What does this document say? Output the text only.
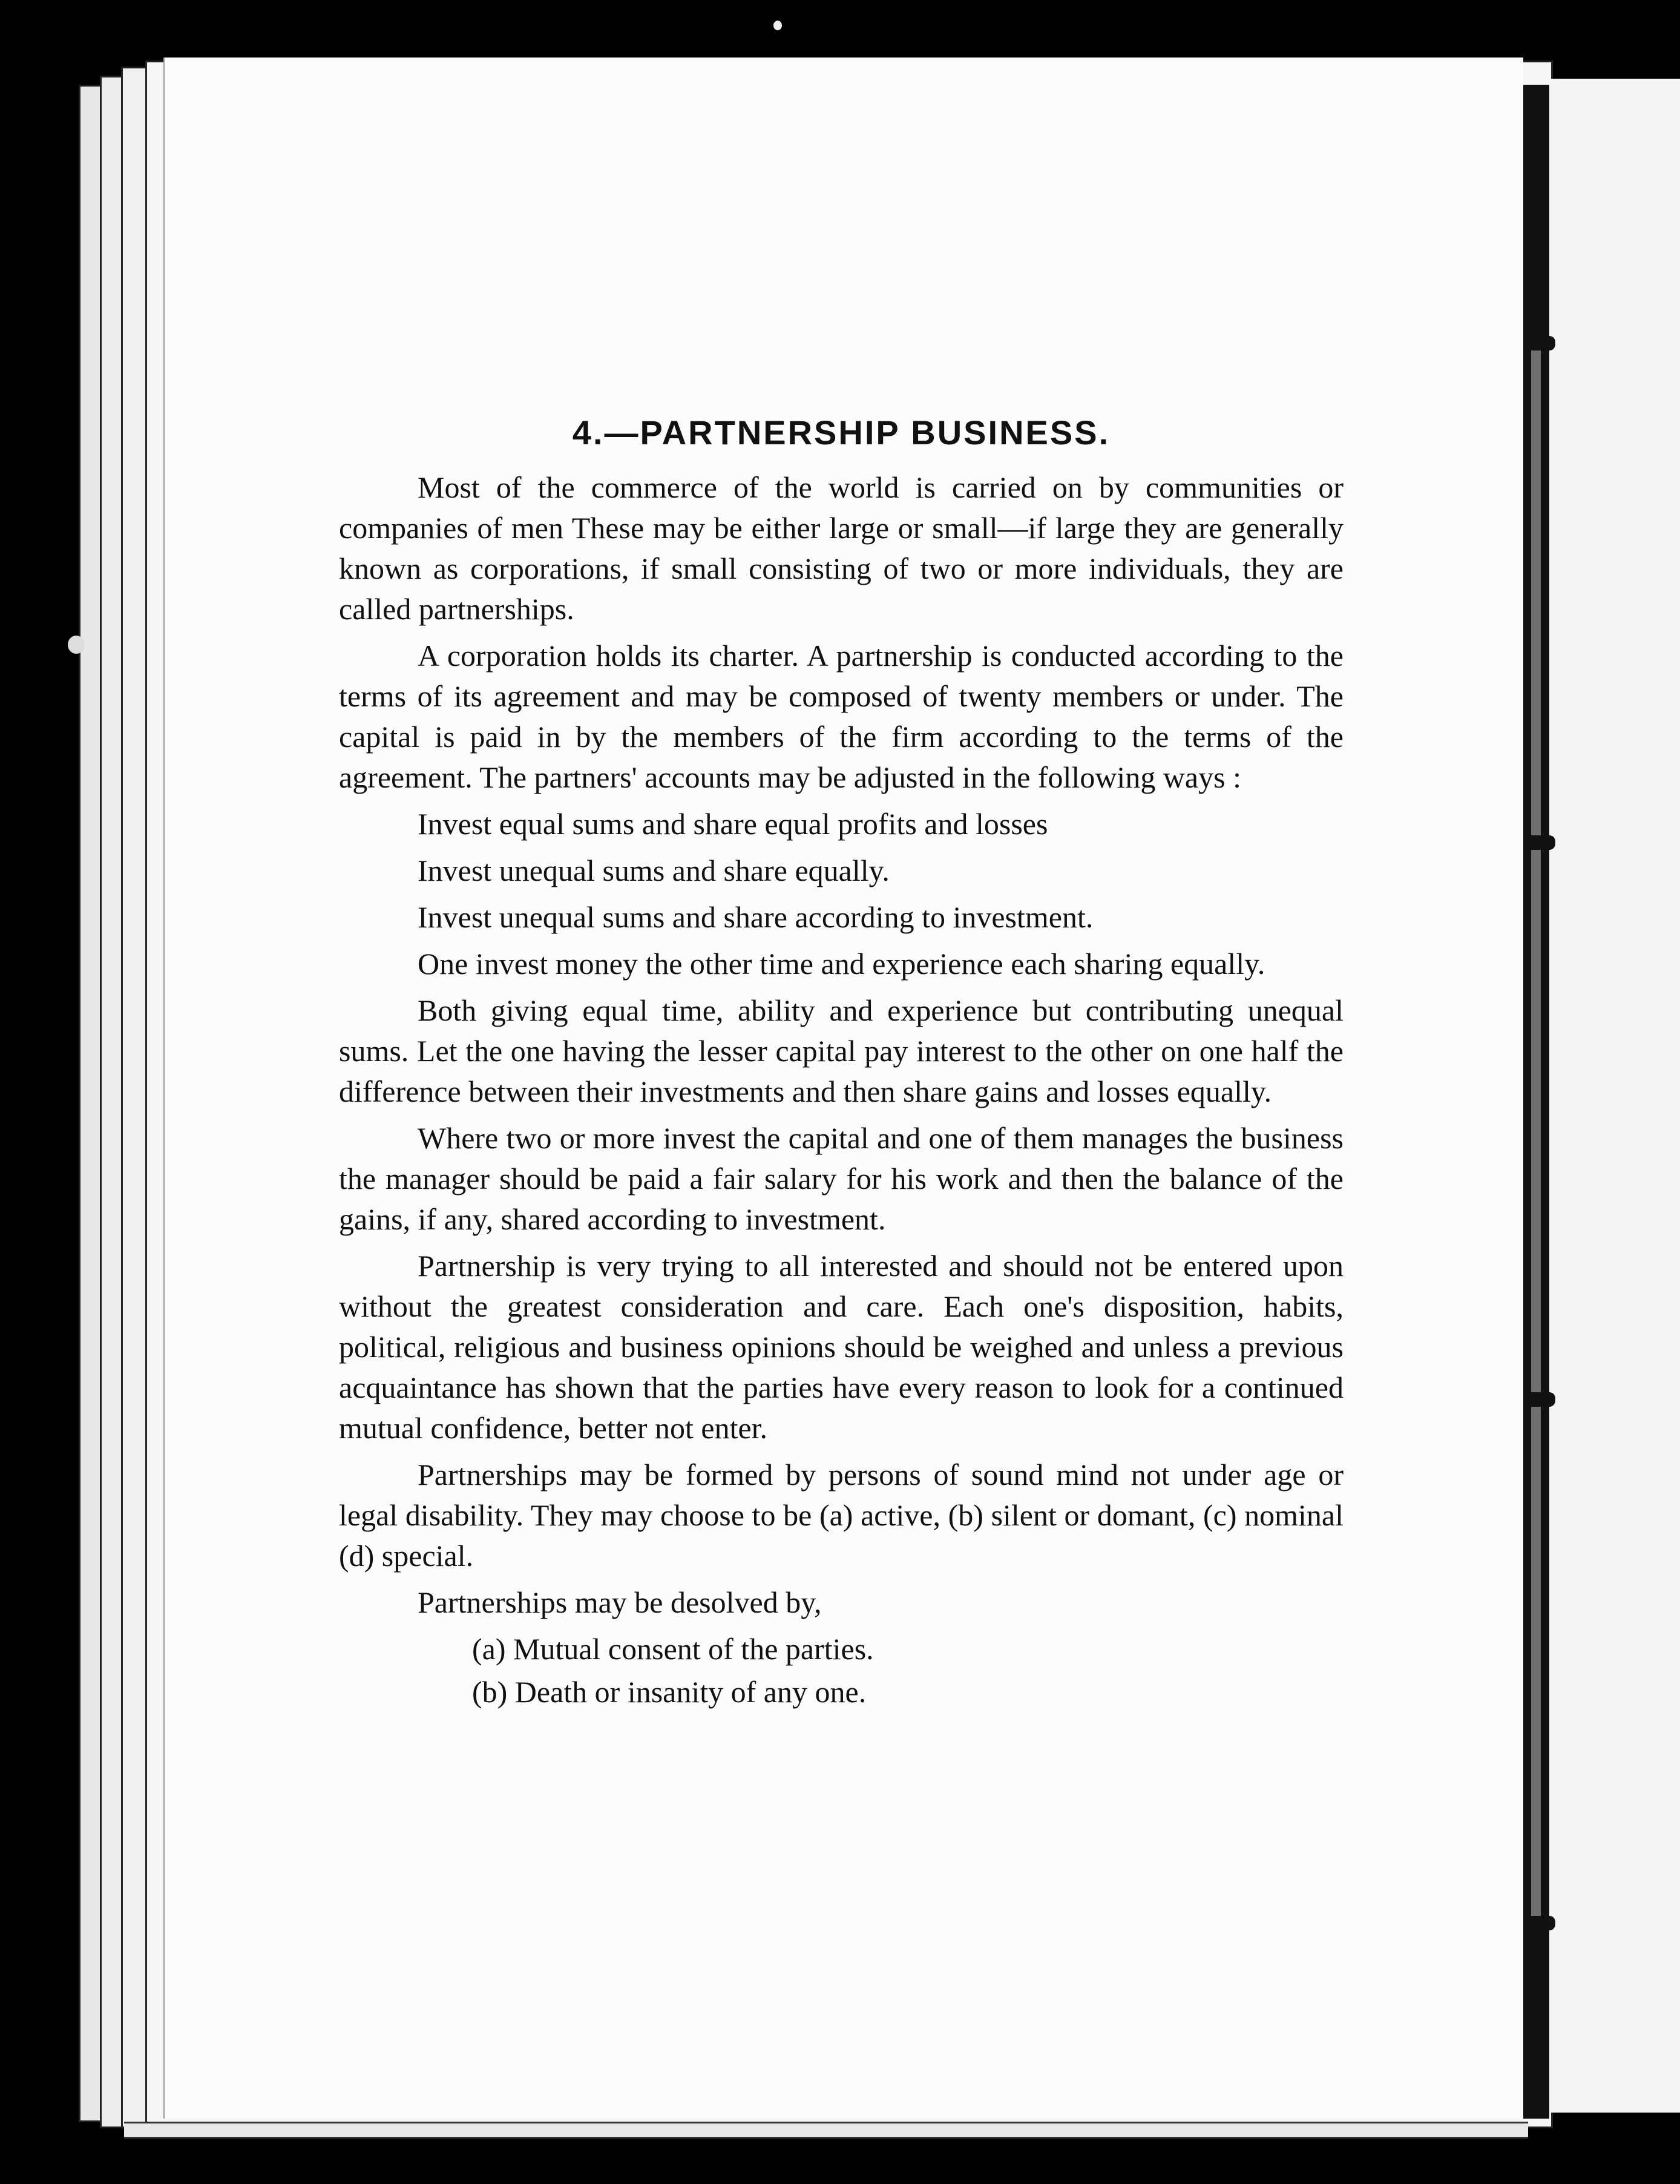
4.—PARTNERSHIP BUSINESS.

Most of the commerce of the world is carried on by communities or companies of men These may be either large or small—if large they are generally known as corporations, if small consisting of two or more individuals, they are called partnerships.

A corporation holds its charter. A partnership is conducted according to the terms of its agreement and may be composed of twenty members or under. The capital is paid in by the members of the firm according to the terms of the agreement. The partners' accounts may be adjusted in the following ways :

Invest equal sums and share equal profits and losses

Invest unequal sums and share equally.

Invest unequal sums and share according to investment.

One invest money the other time and experience each sharing equally.

Both giving equal time, ability and experience but contributing unequal sums. Let the one having the lesser capital pay interest to the other on one half the difference between their investments and then share gains and losses equally.

Where two or more invest the capital and one of them manages the business the manager should be paid a fair salary for his work and then the balance of the gains, if any, shared according to investment.

Partnership is very trying to all interested and should not be entered upon without the greatest consideration and care. Each one's disposition, habits, political, religious and business opinions should be weighed and unless a previous acquaintance has shown that the parties have every reason to look for a continued mutual confidence, better not enter.

Partnerships may be formed by persons of sound mind not under age or legal disability. They may choose to be (a) active, (b) silent or domant, (c) nominal (d) special.

Partnerships may be desolved by,

(a) Mutual consent of the parties.

(b) Death or insanity of any one.
